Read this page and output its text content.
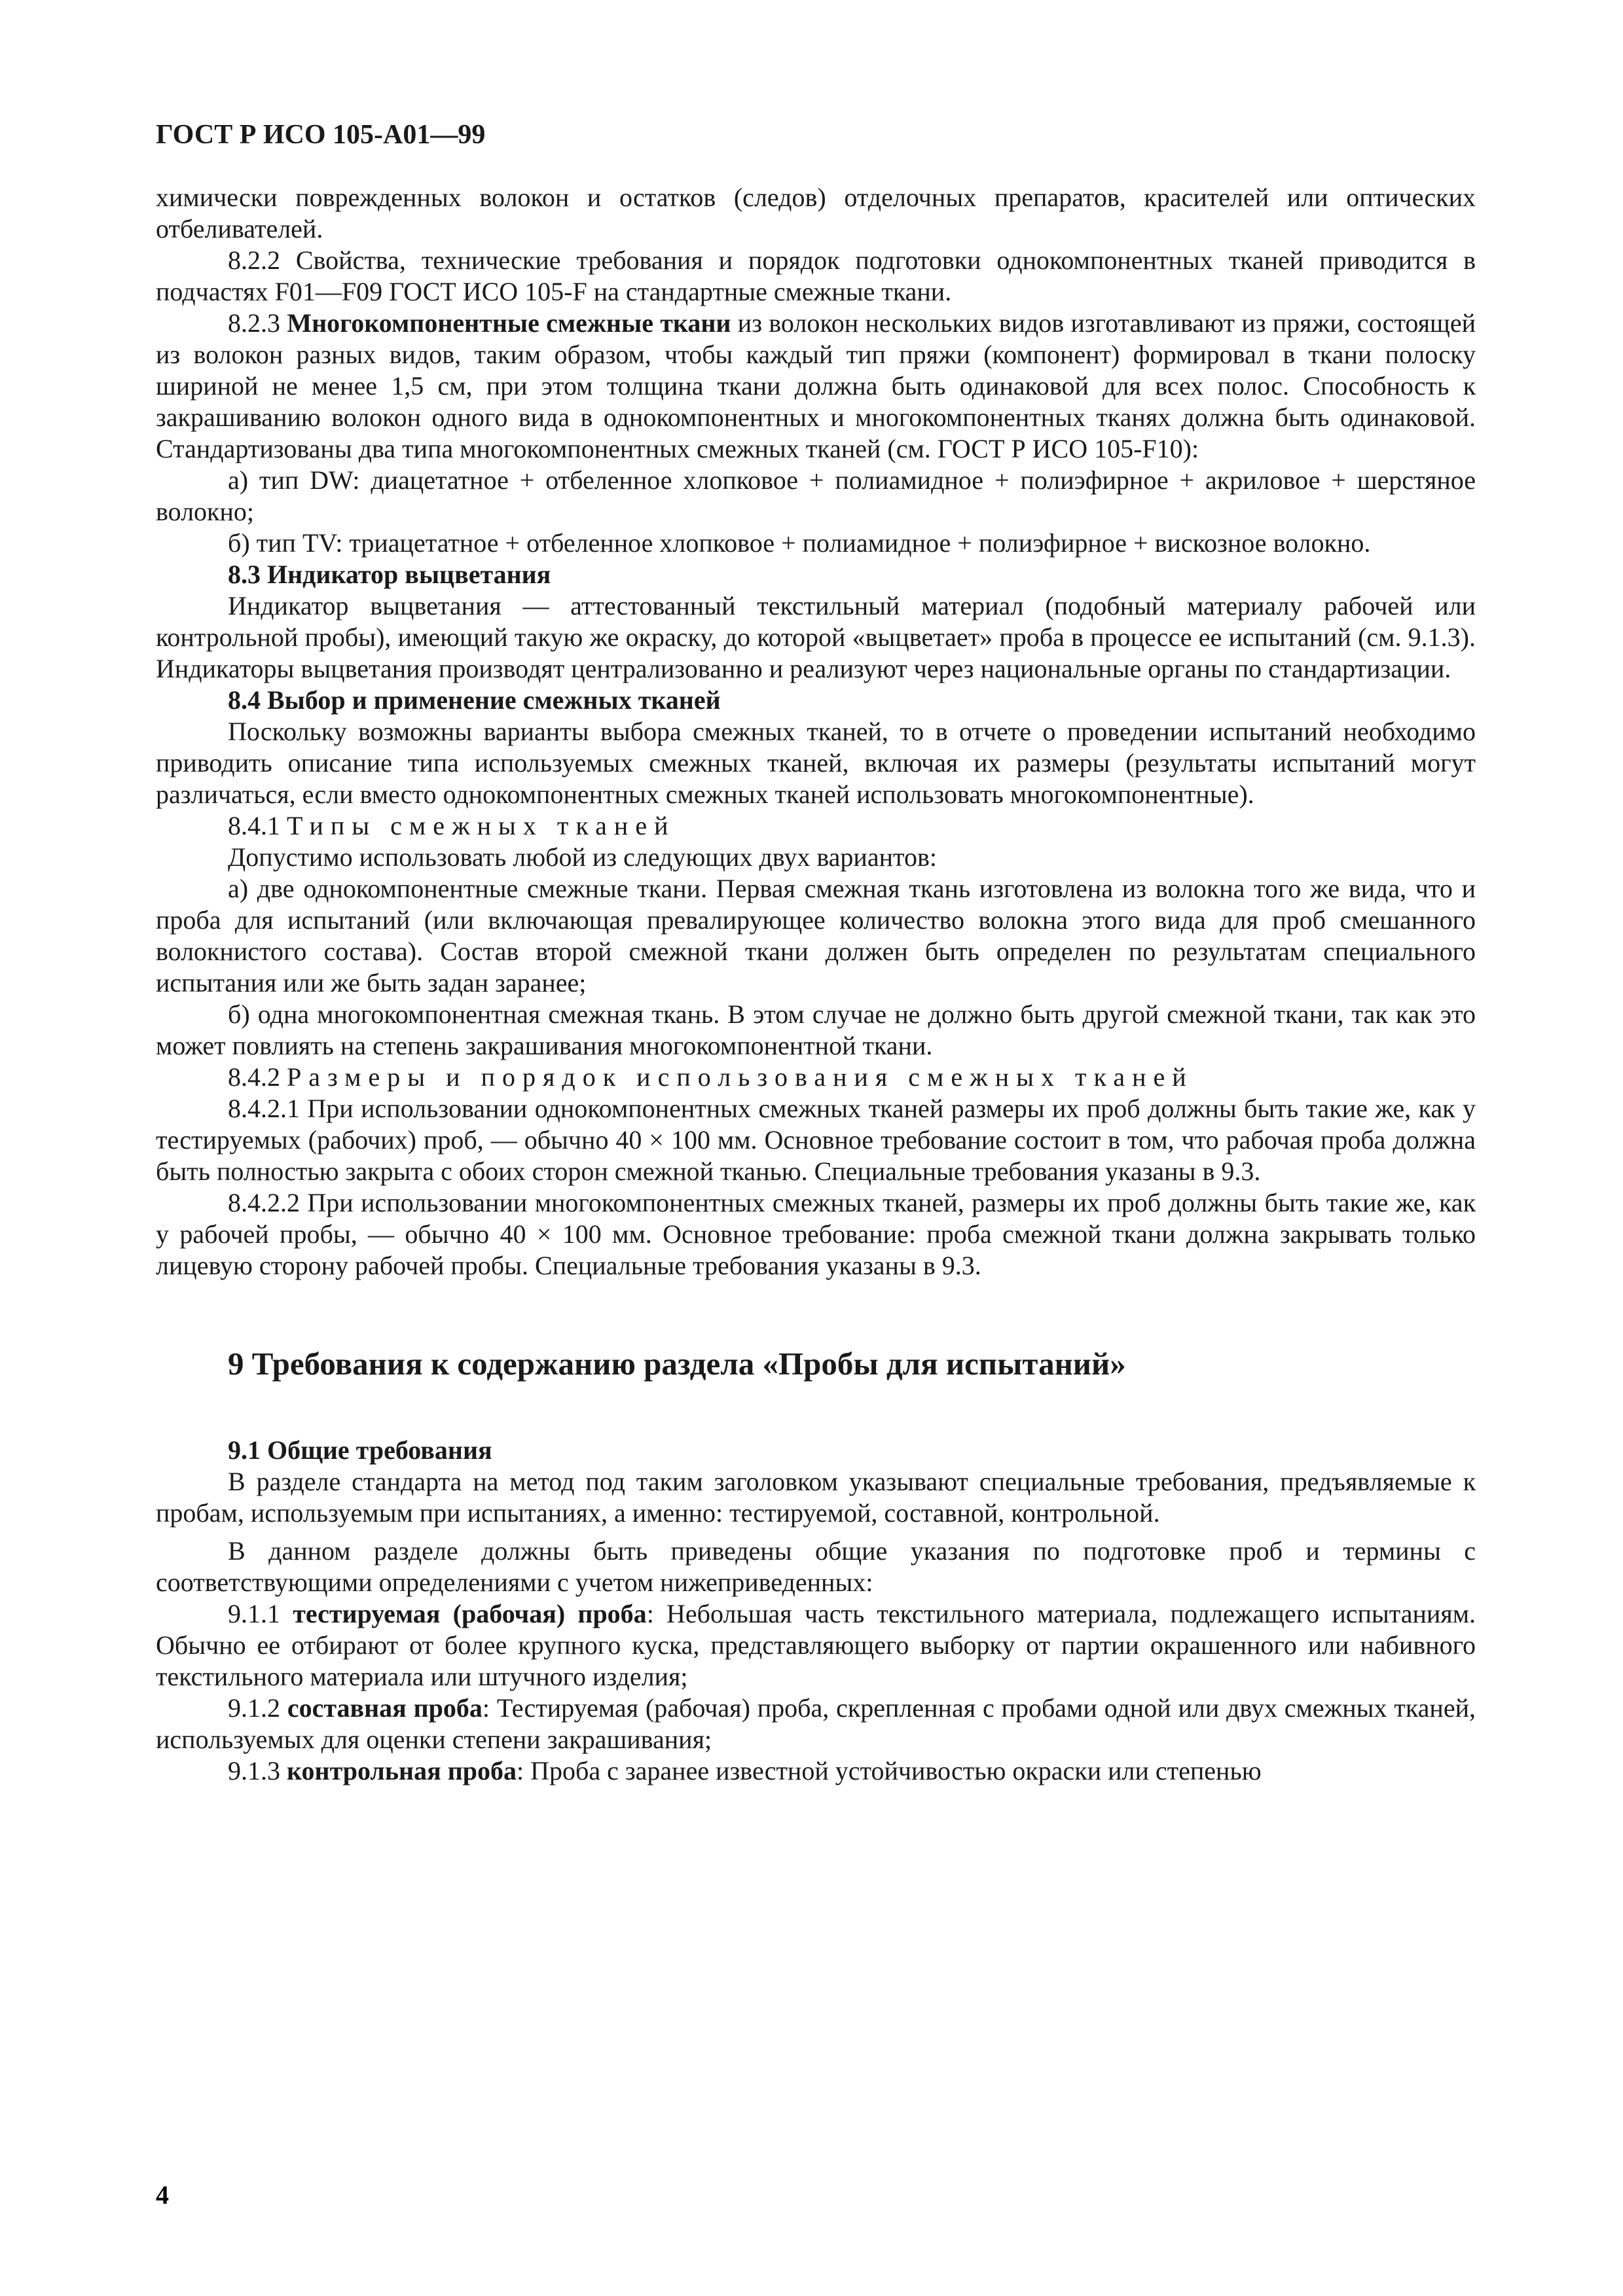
ГОСТ Р ИСО 105-А01—99
химически поврежденных волокон и остатков (следов) отделочных препаратов, красителей или оптических отбеливателей.
8.2.2 Свойства, технические требования и порядок подготовки однокомпонентных тканей приводится в подчастях F01—F09 ГОСТ ИСО 105-F на стандартные смежные ткани.
8.2.3 Многокомпонентные смежные ткани из волокон нескольких видов изготавливают из пряжи, состоящей из волокон разных видов, таким образом, чтобы каждый тип пряжи (компонент) формировал в ткани полоску шириной не менее 1,5 см, при этом толщина ткани должна быть одинаковой для всех полос. Способность к закрашиванию волокон одного вида в однокомпонентных и многокомпонентных тканях должна быть одинаковой. Стандартизованы два типа многокомпонентных смежных тканей (см. ГОСТ Р ИСО 105-F10):
а) тип DW: диацетатное + отбеленное хлопковое + полиамидное + полиэфирное + акриловое + шерстяное волокно;
б) тип TV: триацетатное + отбеленное хлопковое + полиамидное + полиэфирное + вискозное волокно.
8.3 Индикатор выцветания
Индикатор выцветания — аттестованный текстильный материал (подобный материалу рабочей или контрольной пробы), имеющий такую же окраску, до которой «выцветает» проба в процессе ее испытаний (см. 9.1.3). Индикаторы выцветания производят централизованно и реализуют через национальные органы по стандартизации.
8.4 Выбор и применение смежных тканей
Поскольку возможны варианты выбора смежных тканей, то в отчете о проведении испытаний необходимо приводить описание типа используемых смежных тканей, включая их размеры (результаты испытаний могут различаться, если вместо однокомпонентных смежных тканей использовать многокомпонентные).
8.4.1 Типы смежных тканей
Допустимо использовать любой из следующих двух вариантов:
а) две однокомпонентные смежные ткани. Первая смежная ткань изготовлена из волокна того же вида, что и проба для испытаний (или включающая превалирующее количество волокна этого вида для проб смешанного волокнистого состава). Состав второй смежной ткани должен быть определен по результатам специального испытания или же быть задан заранее;
б) одна многокомпонентная смежная ткань. В этом случае не должно быть другой смежной ткани, так как это может повлиять на степень закрашивания многокомпонентной ткани.
8.4.2 Размеры и порядок использования смежных тканей
8.4.2.1 При использовании однокомпонентных смежных тканей размеры их проб должны быть такие же, как у тестируемых (рабочих) проб, — обычно 40 × 100 мм. Основное требование состоит в том, что рабочая проба должна быть полностью закрыта с обоих сторон смежной тканью. Специальные требования указаны в 9.3.
8.4.2.2 При использовании многокомпонентных смежных тканей, размеры их проб должны быть такие же, как у рабочей пробы, — обычно 40 × 100 мм. Основное требование: проба смежной ткани должна закрывать только лицевую сторону рабочей пробы. Специальные требования указаны в 9.3.
9 Требования к содержанию раздела «Пробы для испытаний»
9.1 Общие требования
В разделе стандарта на метод под таким заголовком указывают специальные требования, предъявляемые к пробам, используемым при испытаниях, а именно: тестируемой, составной, контрольной.
В данном разделе должны быть приведены общие указания по подготовке проб и термины с соответствующими определениями с учетом нижеприведенных:
9.1.1 тестируемая (рабочая) проба: Небольшая часть текстильного материала, подлежащего испытаниям. Обычно ее отбирают от более крупного куска, представляющего выборку от партии окрашенного или набивного текстильного материала или штучного изделия;
9.1.2 составная проба: Тестируемая (рабочая) проба, скрепленная с пробами одной или двух смежных тканей, используемых для оценки степени закрашивания;
9.1.3 контрольная проба: Проба с заранее известной устойчивостью окраски или степенью
4
